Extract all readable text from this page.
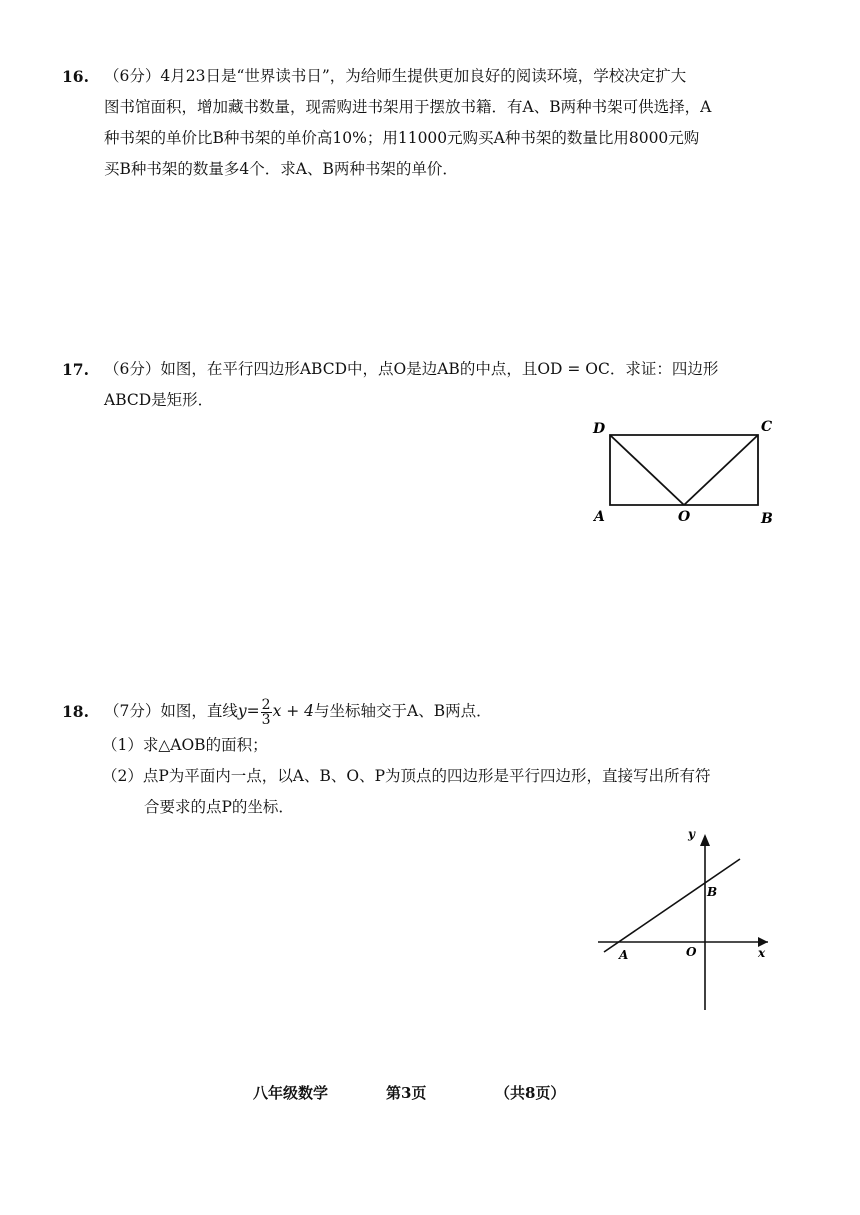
16. （6分）4月23日是“世界读书日”，为给师生提供更加良好的阅读环境，学校决定扩大
图书馆面积，增加藏书数量，现需购进书架用于摆放书籍．有A、B两种书架可供选择，A
种书架的单价比B种书架的单价高10%；用11000元购买A种书架的数量比用8000元购
买B种书架的数量多4个．求A、B两种书架的单价．
17. （6分）如图，在平行四边形ABCD中，点O是边AB的中点，且OD = OC．求证：四边形
ABCD是矩形．
D	C
A	O	B
18. （7分）如图，直线$y= \frac{2}{3}$ x + 4与坐标轴交于A、B两点．
（1）求△AOB的面积；
（2）点P为平面内一点，以A、B、O、P为顶点的四边形是平行四边形，直接写出所有符
合要求的点P的坐标．
y
x
B
A	O
八年级数学	第3页	（共8页）
